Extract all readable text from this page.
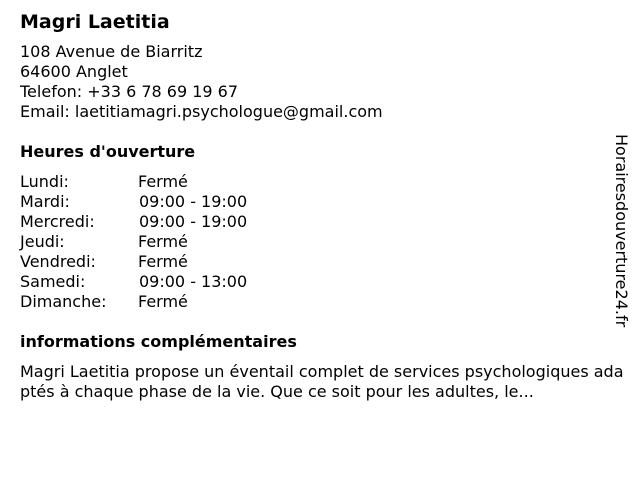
Magri Laetitia
108 Avenue de Biarritz
64600 Anglet
Telefon: +33 6 78 69 19 67
Email: laetitiamagri.psychologue@gmail.com
Heures d'ouverture
Lundi:	Fermé
Mardi:	09:00 - 19:00
Mercredi:	09:00 - 19:00
Jeudi:	Fermé
Vendredi:	Fermé
Samedi:	09:00 - 13:00
Dimanche: Fermé
informations complémentaires
Magri Laetitia propose un éventail complet de services psychologiques adaptés à chaque phase de la vie. Que ce soit pour les adultes, le...
Horairesdouverture24.fr
